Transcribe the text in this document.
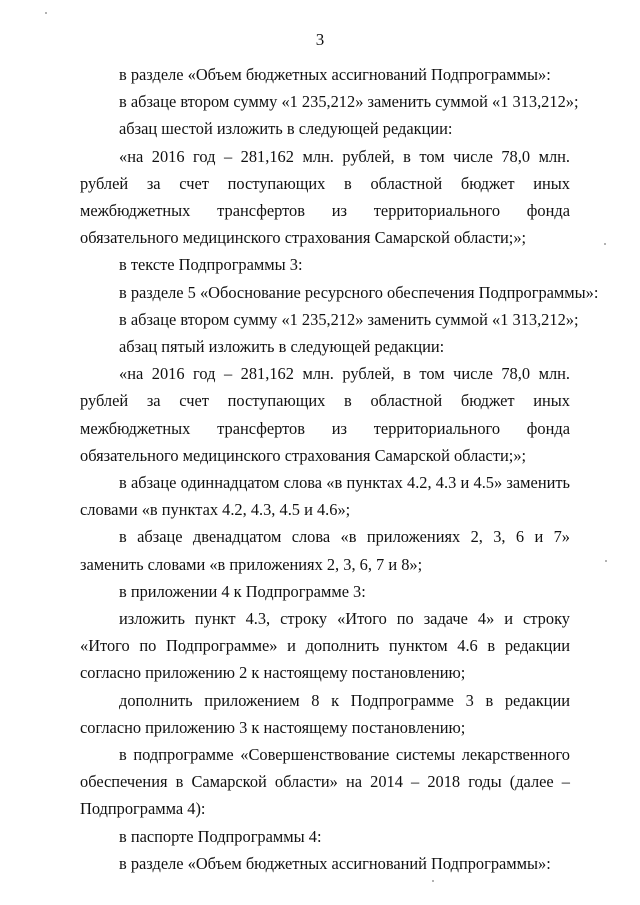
3

в разделе «Объем бюджетных ассигнований Подпрограммы»:

в абзаце втором сумму «1 235,212» заменить суммой «1 313,212»;

абзац шестой изложить в следующей редакции:

«на 2016 год – 281,162 млн. рублей, в том числе 78,0 млн. рублей за счет поступающих в областной бюджет иных межбюджетных трансфертов из территориального фонда обязательного медицинского страхования Самарской области;»;

в тексте Подпрограммы 3:

в разделе 5 «Обоснование ресурсного обеспечения Подпрограммы»:

в абзаце втором сумму «1 235,212» заменить суммой «1 313,212»;

абзац пятый изложить в следующей редакции:

«на 2016 год – 281,162 млн. рублей, в том числе 78,0 млн. рублей за счет поступающих в областной бюджет иных межбюджетных трансфертов из территориального фонда обязательного медицинского страхования Самарской области;»;

в абзаце одиннадцатом слова «в пунктах 4.2, 4.3 и 4.5» заменить словами «в пунктах 4.2, 4.3, 4.5 и 4.6»;

в абзаце двенадцатом слова «в приложениях 2, 3, 6 и 7» заменить словами «в приложениях 2, 3, 6, 7 и 8»;

в приложении 4 к Подпрограмме 3:

изложить пункт 4.3, строку «Итого по задаче 4» и строку «Итого по Подпрограмме» и дополнить пунктом 4.6 в редакции согласно приложению 2 к настоящему постановлению;

дополнить приложением 8 к Подпрограмме 3 в редакции согласно приложению 3 к настоящему постановлению;

в подпрограмме «Совершенствование системы лекарственного обеспечения в Самарской области» на 2014 – 2018 годы (далее – Подпрограмма 4):

в паспорте Подпрограммы 4:

в разделе «Объем бюджетных ассигнований Подпрограммы»:
